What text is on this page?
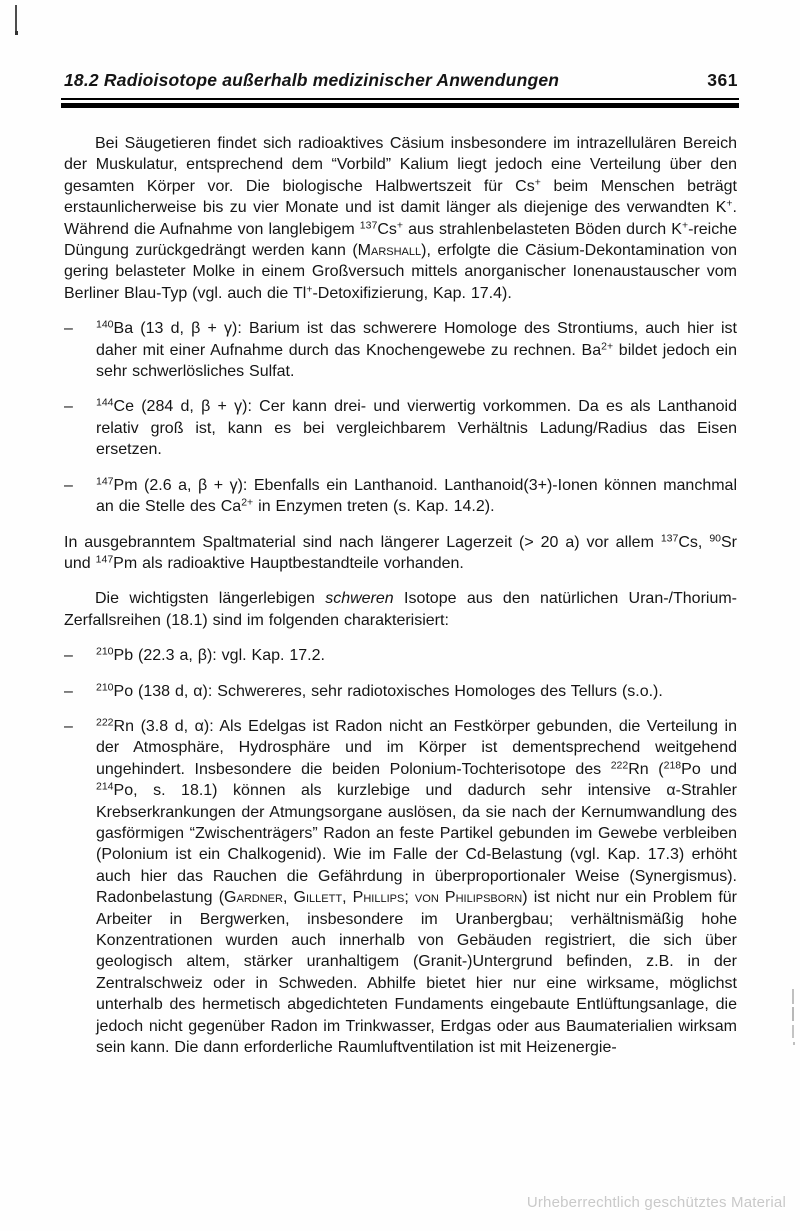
18.2 Radioisotope außerhalb medizinischer Anwendungen	361
Bei Säugetieren findet sich radioaktives Cäsium insbesondere im intrazellulären Bereich der Muskulatur, entsprechend dem “Vorbild” Kalium liegt jedoch eine Verteilung über den gesamten Körper vor. Die biologische Halbwertszeit für Cs+ beim Menschen beträgt erstaunlicherweise bis zu vier Monate und ist damit länger als diejenige des verwandten K+. Während die Aufnahme von langlebigem $^{137}$Cs+ aus strahlenbelasteten Böden durch K+-reiche Düngung zurückgedrängt werden kann (Marshall), erfolgte die Cäsium-Dekontamination von gering belasteter Molke in einem Großversuch mittels anorganischer Ionenaustauscher vom Berliner Blau-Typ (vgl. auch die Tl+-Detoxifizierung, Kap. 17.4).
– $^{140}$Ba (13 d, β + γ): Barium ist das schwerere Homologe des Strontiums, auch hier ist daher mit einer Aufnahme durch das Knochengewebe zu rechnen. $Ba^{2+}$ bildet jedoch ein sehr schwerlösliches Sulfat.
– $^{144}$Ce (284 d, β + γ): Cer kann drei- und vierwertig vorkommen. Da es als Lanthanoid relativ groß ist, kann es bei vergleichbarem Verhältnis Ladung/Radius das Eisen ersetzen.
– $^{147}$Pm (2.6 a, β + γ): Ebenfalls ein Lanthanoid. Lanthanoid(3+)-Ionen können manchmal an die Stelle des $Ca^{2+}$ in Enzymen treten (s. Kap. 14.2).
In ausgebranntem Spaltmaterial sind nach längerer Lagerzeit (> 20 a) vor allem $^{137}$Cs, $^{90}$Sr und $^{147}$Pm als radioaktive Hauptbestandteile vorhanden.
Die wichtigsten längerlebigen schweren Isotope aus den natürlichen Uran-/Thorium-Zerfallsreihen (18.1) sind im folgenden charakterisiert:
– $^{210}$Pb (22.3 a, β): vgl. Kap. 17.2.
– $^{210}$Po (138 d, α): Schwereres, sehr radiotoxisches Homologes des Tellurs (s.o.).
– $^{222}$Rn (3.8 d, α): Als Edelgas ist Radon nicht an Festkörper gebunden, die Verteilung in der Atmosphäre, Hydrosphäre und im Körper ist dementsprechend weitgehend ungehindert. Insbesondere die beiden Polonium-Tochterisotope des $^{222}$Rn ($^{218}$Po und $^{214}$Po, s. 18.1) können als kurzlebige und dadurch sehr intensive α-Strahler Krebserkrankungen der Atmungsorgane auslösen, da sie nach der Kernumwandlung des gasförmigen “Zwischenträgers” Radon an feste Partikel gebunden im Gewebe verbleiben (Polonium ist ein Chalkogenid). Wie im Falle der Cd-Belastung (vgl. Kap. 17.3) erhöht auch hier das Rauchen die Gefährdung in überproportionaler Weise (Synergismus). Radonbelastung (Gardner, Gillett, Phillips; von Philipsborn) ist nicht nur ein Problem für Arbeiter in Bergwerken, insbesondere im Uranbergbau; verhältnismäßig hohe Konzentrationen wurden auch innerhalb von Gebäuden registriert, die sich über geologisch altem, stärker uranhaltigem (Granit-)Untergrund befinden, z.B. in der Zentralschweiz oder in Schweden. Abhilfe bietet hier nur eine wirksame, möglichst unterhalb des hermetisch abgedichteten Fundaments eingebaute Entlüftungsanlage, die jedoch nicht gegenüber Radon im Trinkwasser, Erdgas oder aus Baumaterialien wirksam sein kann. Die dann erforderliche Raumluftventilation ist mit Heizenergie-
Urheberrechtlich geschütztes Material
